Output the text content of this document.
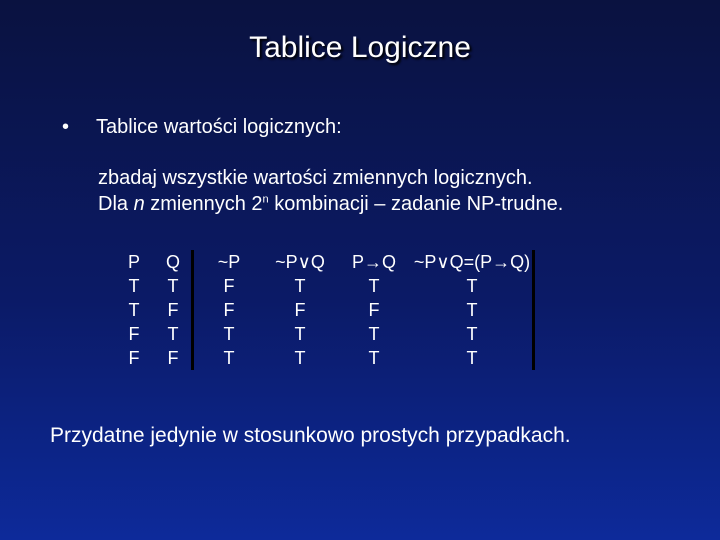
Tablice Logiczne
•	Tablice wartości logicznych:
zbadaj wszystkie wartości zmiennych logicznych.
Dla n zmiennych 2$^n$ kombinacji – zadanie NP-trudne.
P	Q	~P	~P∨Q	P→Q	~P∨Q=(P→Q)
T	T	F	T	T	T
T	F	F	F	F	T
F	T	T	T	T	T
F	F	T	T	T	T
Przydatne jedynie w stosunkowo prostych przypadkach.
